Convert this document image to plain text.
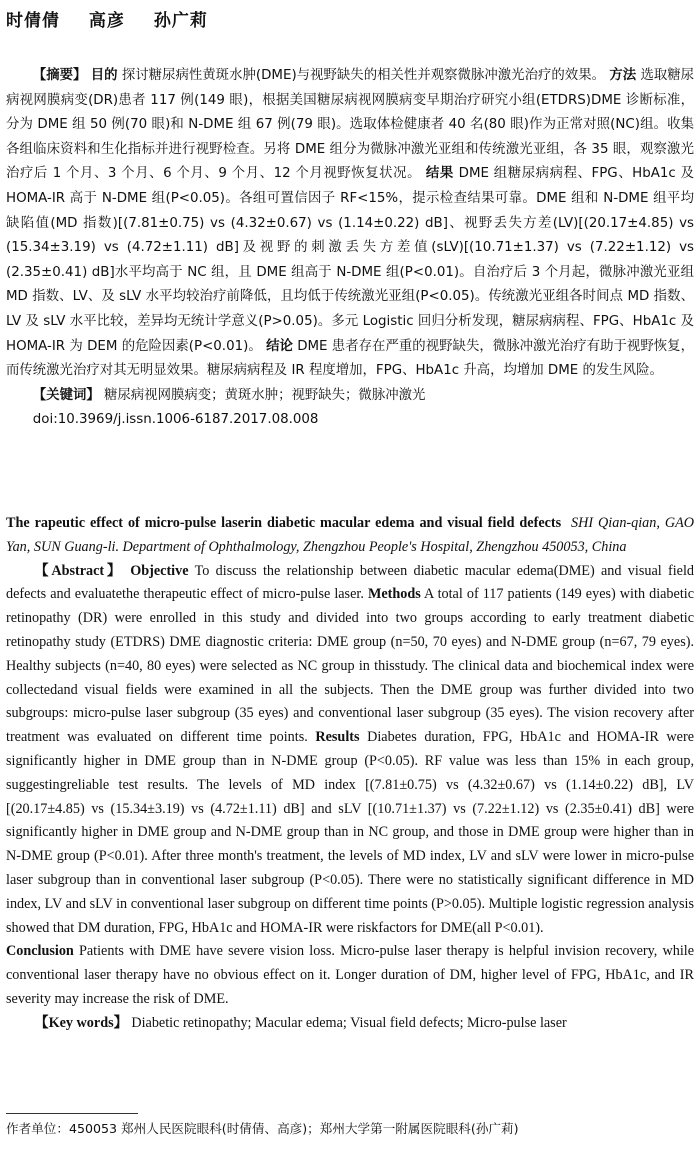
时倩倩 高彦 孙广莉

【摘要】 目的 探讨糖尿病性黄斑水肿(DME)与视野缺失的相关性并观察微脉冲激光治疗的效果。 方法 选取糖尿病视网膜病变(DR)患者 117 例(149 眼)，根据美国糖尿病视网膜病变早期治疗研究小组(ETDRS)DME 诊断标准，分为 DME 组 50 例(70 眼)和 N-DME 组 67 例(79 眼)。选取体检健康者 40 名(80 眼)作为正常对照(NC)组。收集各组临床资料和生化指标并进行视野检查。另将 DME 组分为微脉冲激光亚组和传统激光亚组，各 35 眼，观察激光治疗后 1 个月、3 个月、6 个月、9 个月、12 个月视野恢复状况。 结果 DME 组糖尿病病程、FPG、HbA1c 及 HOMA-IR 高于 N-DME 组(P<0.05)。各组可置信因子 RF<15%，提示检查结果可靠。DME 组和 N-DME 组平均缺陷值(MD 指数)[(7.81±0.75) vs (4.32±0.67) vs (1.14±0.22) dB]、视野丢失方差(LV)[(20.17±4.85) vs (15.34±3.19) vs (4.72±1.11) dB]及视野的刺激丢失方差值(sLV)[(10.71±1.37) vs (7.22±1.12) vs (2.35±0.41) dB]水平均高于 NC 组，且 DME 组高于 N-DME 组(P<0.01)。自治疗后 3 个月起，微脉冲激光亚组 MD 指数、LV、及 sLV 水平均较治疗前降低，且均低于传统激光亚组(P<0.05)。传统激光亚组各时间点 MD 指数、LV 及 sLV 水平比较，差异均无统计学意义(P>0.05)。多元 Logistic 回归分析发现，糖尿病病程、FPG、HbA1c 及 HOMA-IR 为 DEM 的危险因素(P<0.01)。 结论 DME 患者存在严重的视野缺失，微脉冲激光治疗有助于视野恢复，而传统激光治疗对其无明显效果。糖尿病病程及 IR 程度增加，FPG、HbA1c 升高，均增加 DME 的发生风险。

【关键词】 糖尿病视网膜病变；黄斑水肿；视野缺失；微脉冲激光

doi:10.3969/j.issn.1006-6187.2017.08.008

The rapeutic effect of micro-pulse laserin diabetic macular edema and visual field defects SHI Qian-qian, GAO Yan, SUN Guang-li. Department of Ophthalmology, Zhengzhou People's Hospital, Zhengzhou 450053, China

【Abstract】 Objective To discuss the relationship between diabetic macular edema(DME) and visual field defects and evaluatethe therapeutic effect of micro-pulse laser. Methods A total of 117 patients (149 eyes) with diabetic retinopathy (DR) were enrolled in this study and divided into two groups according to early treatment diabetic retinopathy study (ETDRS) DME diagnostic criteria: DME group (n=50, 70 eyes) and N-DME group (n=67, 79 eyes). Healthy subjects (n=40, 80 eyes) were selected as NC group in thisstudy. The clinical data and biochemical index were collectedand visual fields were examined in all the subjects. Then the DME group was further divided into two subgroups: micro-pulse laser subgroup (35 eyes) and conventional laser subgroup (35 eyes). The vision recovery after treatment was evaluated on different time points. Results Diabetes duration, FPG, HbA1c and HOMA-IR were significantly higher in DME group than in N-DME group (P<0.05). RF value was less than 15% in each group, suggestingreliable test results. The levels of MD index [(7.81±0.75) vs (4.32±0.67) vs (1.14±0.22) dB], LV [(20.17±4.85) vs (15.34±3.19) vs (4.72±1.11) dB] and sLV [(10.71±1.37) vs (7.22±1.12) vs (2.35±0.41) dB] were significantly higher in DME group and N-DME group than in NC group, and those in DME group were higher than in N-DME group (P<0.01). After three month's treatment, the levels of MD index, LV and sLV were lower in micro-pulse laser subgroup than in conventional laser subgroup (P<0.05). There were no statistically significant difference in MD index, LV and sLV in conventional laser subgroup on different time points (P>0.05). Multiple logistic regression analysis showed that DM duration, FPG, HbA1c and HOMA-IR were riskfactors for DME(all P<0.01).

Conclusion Patients with DME have severe vision loss. Micro-pulse laser therapy is helpful invision recovery, while conventional laser therapy have no obvious effect on it. Longer duration of DM, higher level of FPG, HbA1c, and IR severity may increase the risk of DME.

【Key words】 Diabetic retinopathy; Macular edema; Visual field defects; Micro-pulse laser

作者单位：450053 郑州人民医院眼科(时倩倩、高彦)；郑州大学第一附属医院眼科(孙广莉)
